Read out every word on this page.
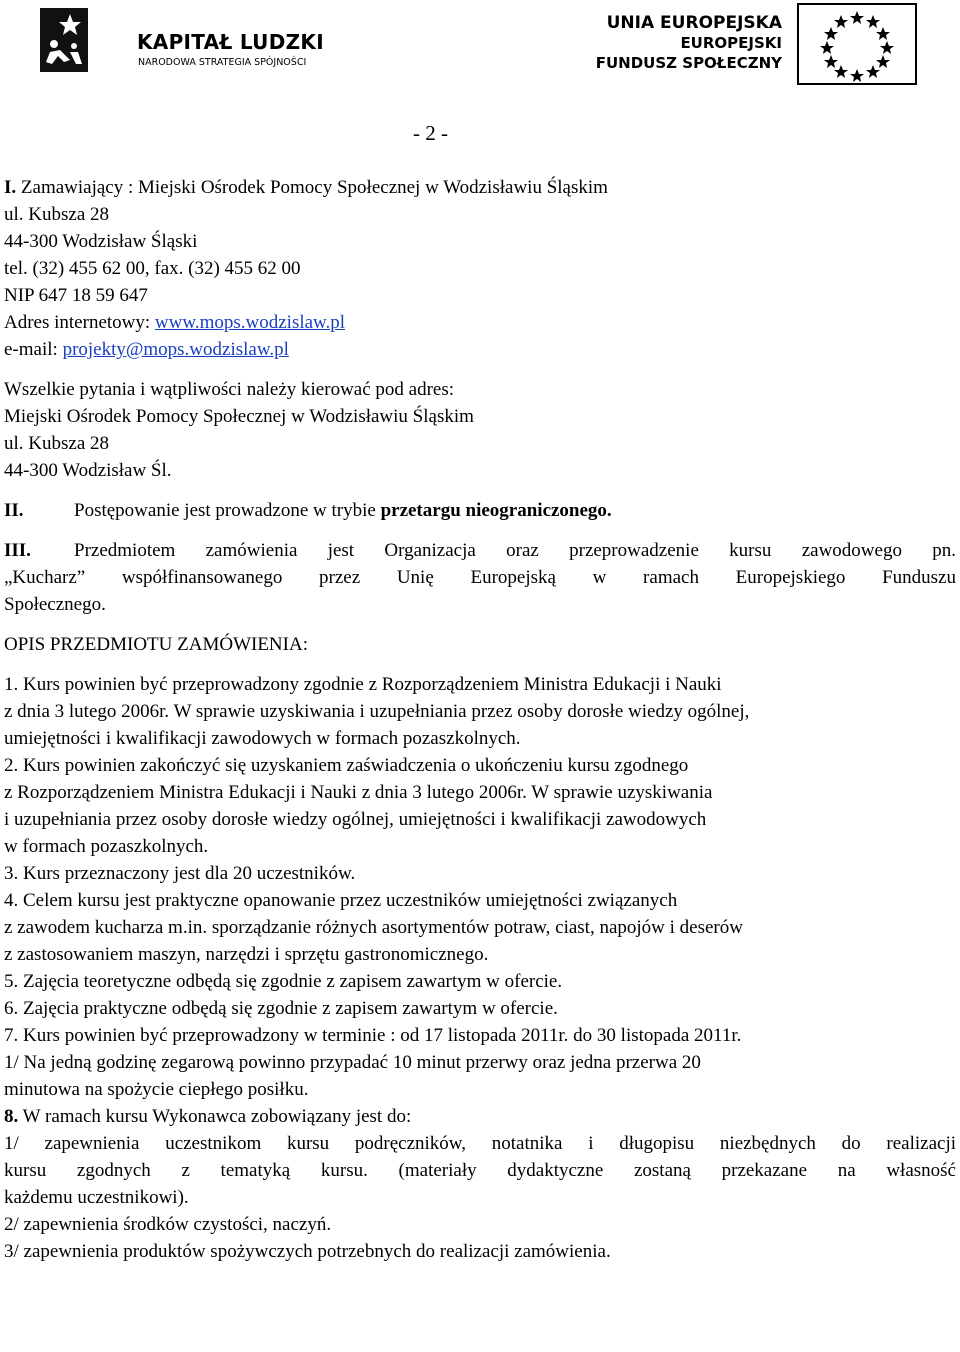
KAPITAŁ LUDZKI
NARODOWA STRATEGIA SPÓJNOŚCI
UNIA EUROPEJSKA
EUROPEJSKI
FUNDUSZ SPOŁECZNY
- 2 -

I. Zamawiający : Miejski Ośrodek Pomocy Społecznej w Wodzisławiu Śląskim

ul. Kubsza 28

44-300 Wodzisław Śląski

tel. (32) 455 62 00, fax. (32) 455 62 00

NIP 647 18 59 647

Adres internetowy: www.mops.wodzislaw.pl

e-mail: projekty@mops.wodzislaw.pl

Wszelkie pytania i wątpliwości należy kierować pod adres:

Miejski Ośrodek Pomocy Społecznej w Wodzisławiu Śląskim

ul. Kubsza 28

44-300 Wodzisław Śl.

II.	Postępowanie jest prowadzone w trybie przetargu nieograniczonego.

III. Przedmiotem zamówienia jest Organizacja oraz przeprowadzenie kursu zawodowego pn.

„Kucharz” współfinansowanego przez Unię Europejską w ramach Europejskiego Funduszu

Społecznego.

OPIS PRZEDMIOTU ZAMÓWIENIA:

1. Kurs powinien być przeprowadzony zgodnie z Rozporządzeniem Ministra Edukacji i Nauki

z dnia 3 lutego 2006r. W sprawie uzyskiwania i uzupełniania przez osoby dorosłe wiedzy ogólnej,

umiejętności i kwalifikacji zawodowych w formach pozaszkolnych.

2. Kurs powinien zakończyć się uzyskaniem zaświadczenia o ukończeniu kursu zgodnego

z Rozporządzeniem Ministra Edukacji i Nauki z dnia 3 lutego 2006r. W sprawie uzyskiwania

i uzupełniania przez osoby dorosłe wiedzy ogólnej, umiejętności i kwalifikacji zawodowych

w formach pozaszkolnych.

3. Kurs przeznaczony jest dla 20 uczestników.

4. Celem kursu jest praktyczne opanowanie przez uczestników umiejętności związanych

z zawodem kucharza m.in. sporządzanie różnych asortymentów potraw, ciast, napojów i deserów

z zastosowaniem maszyn, narzędzi i sprzętu gastronomicznego.

5. Zajęcia teoretyczne odbędą się zgodnie z zapisem zawartym w ofercie.

6. Zajęcia praktyczne odbędą się zgodnie z zapisem zawartym w ofercie.

7. Kurs powinien być przeprowadzony w terminie : od 17 listopada 2011r. do 30 listopada 2011r.

1/ Na jedną godzinę zegarową powinno przypadać 10 minut przerwy oraz jedna przerwa 20

minutowa na spożycie ciepłego posiłku.

8. W ramach kursu Wykonawca zobowiązany jest do:

1/ zapewnienia uczestnikom kursu podręczników, notatnika i długopisu niezbędnych do realizacji

kursu zgodnych z tematyką kursu. (materiały dydaktyczne zostaną przekazane na własność

każdemu uczestnikowi).

2/ zapewnienia środków czystości, naczyń.

3/ zapewnienia produktów spożywczych potrzebnych do realizacji zamówienia.
